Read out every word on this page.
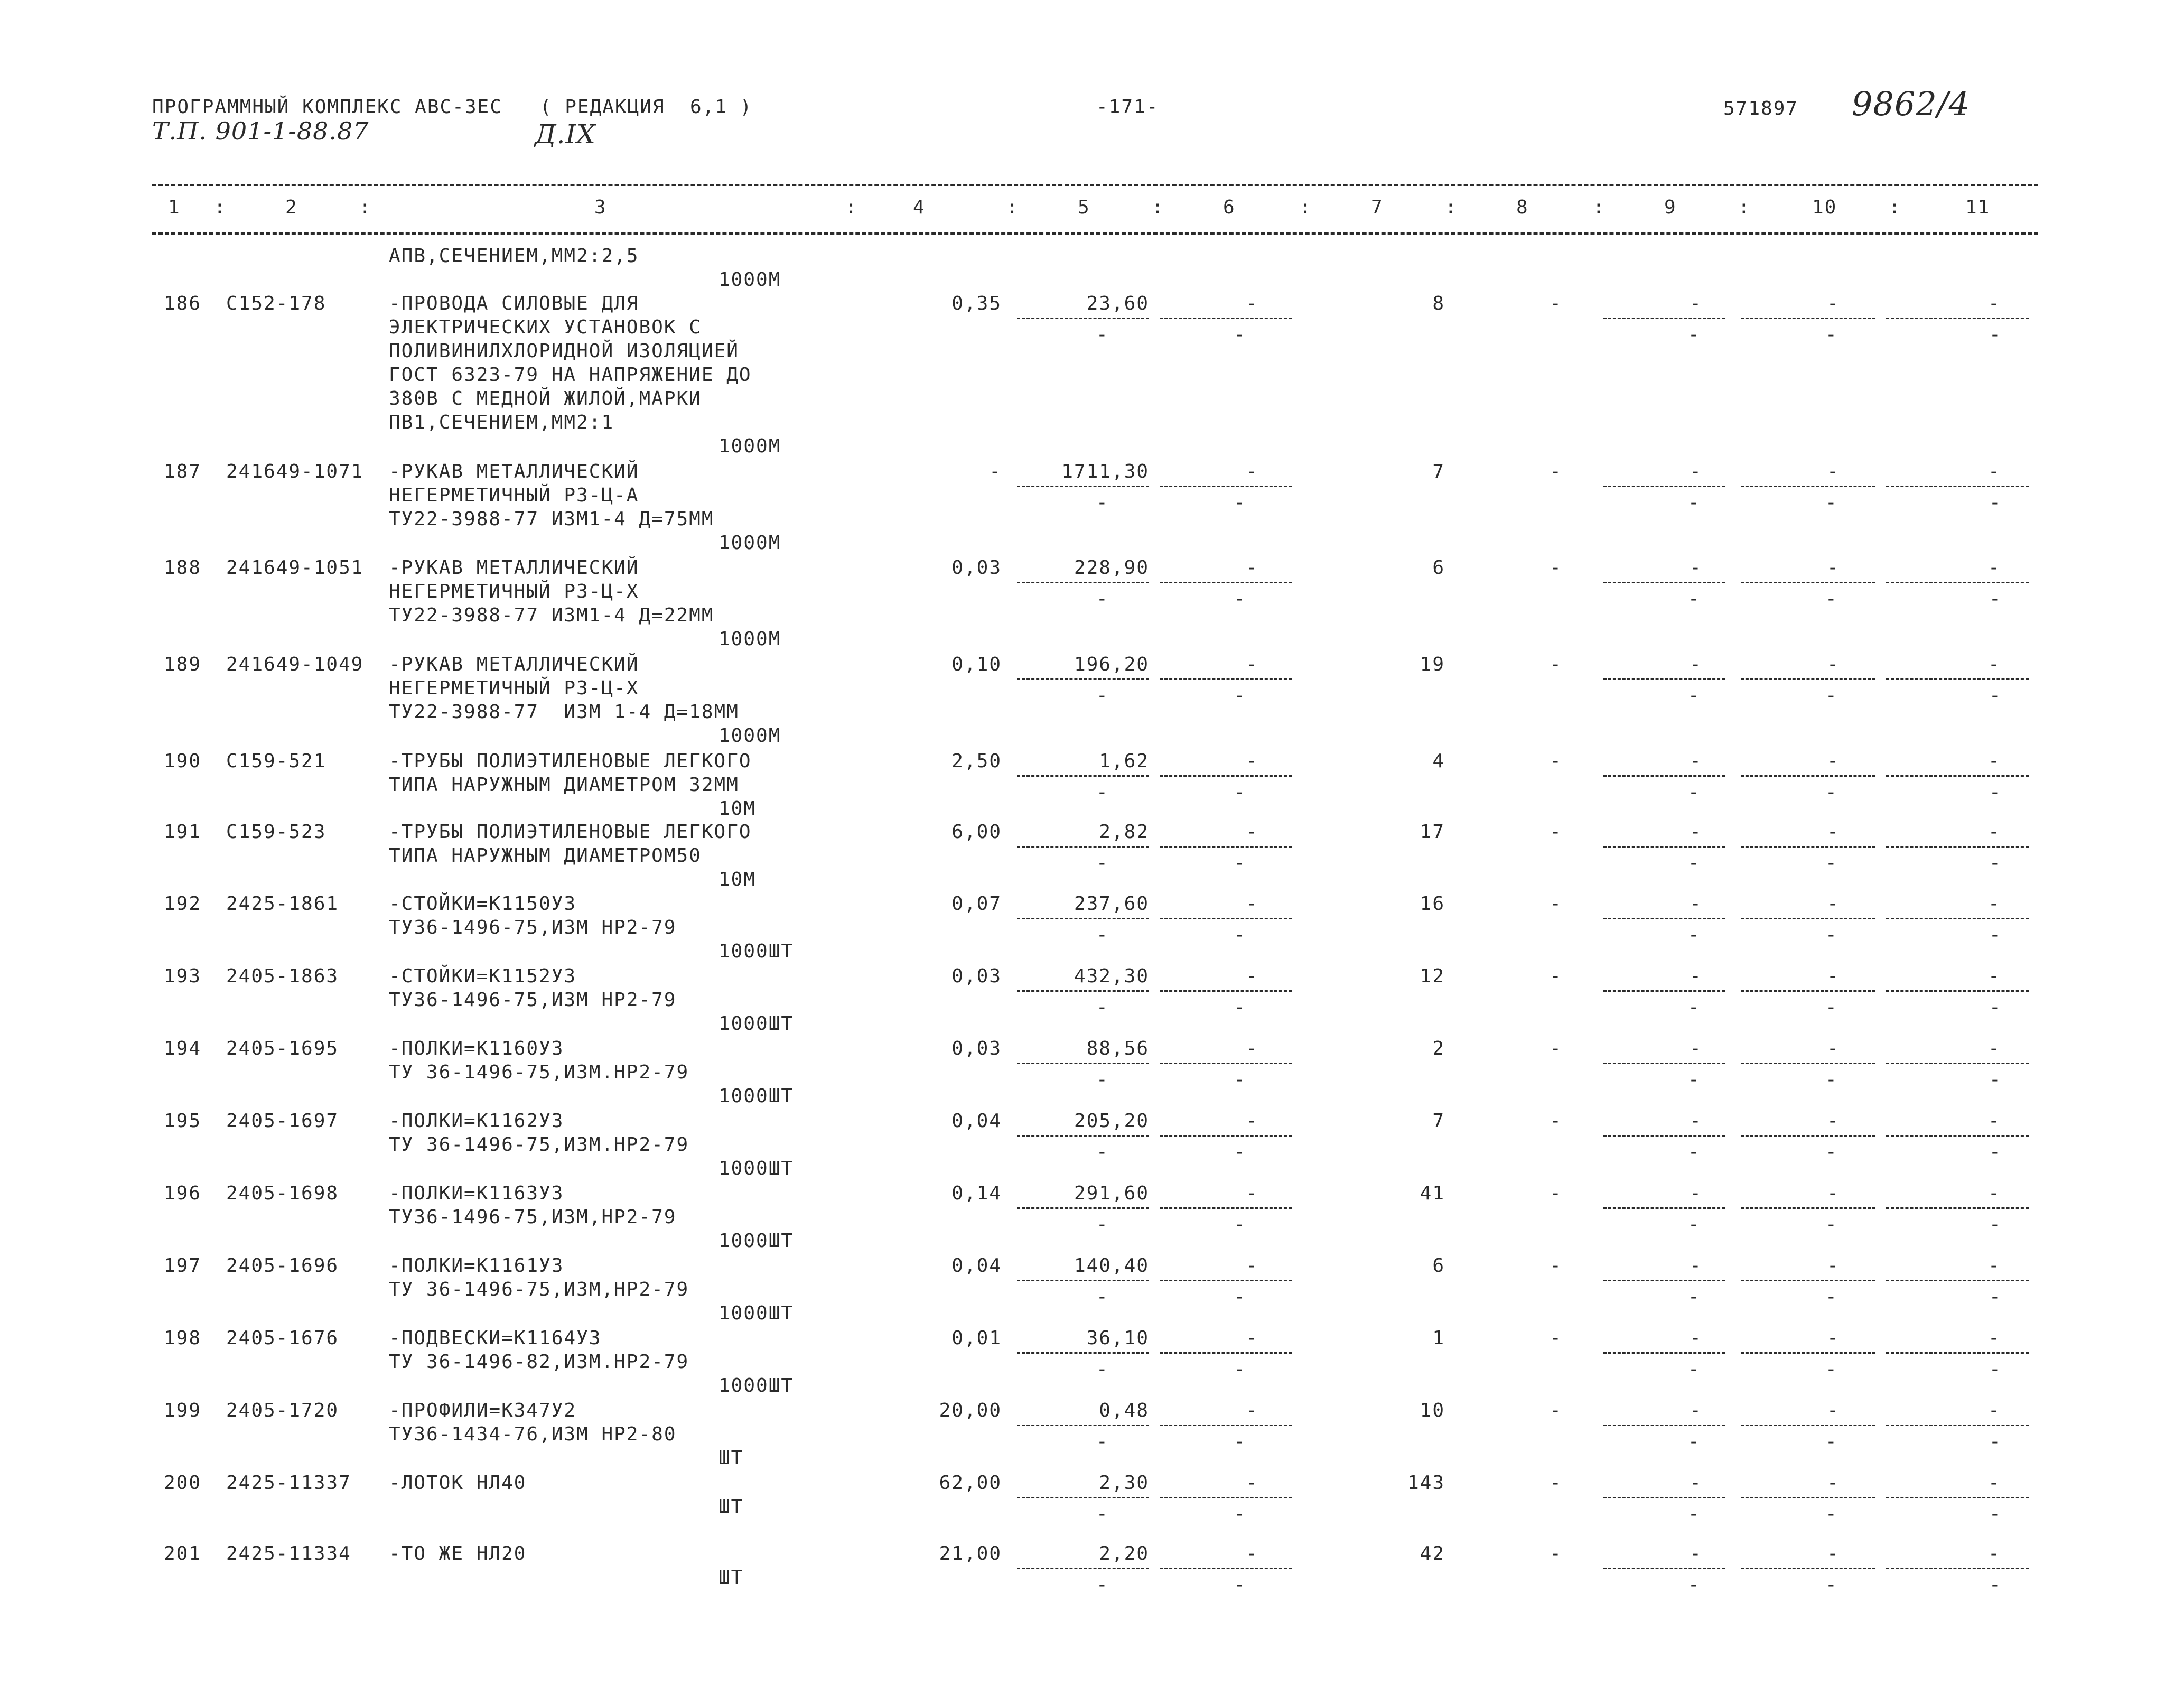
ПРОГРАММНЫЙ КОМПЛЕКС АВС-3ЕС   ( РЕДАКЦИЯ  6,1 )	-171-	571897 9862/4
Т.П. 901-1-88.87	Д.IX
1 :	2	:	3	:	4	:	5	:	6	:	7	:	8	:	9	:	10	:	11
АПВ,СЕЧЕНИЕМ,ММ2:2,5
1000М
186 С152-178	-ПРОВОДА СИЛОВЫЕ ДЛЯ
ЭЛЕКТРИЧЕСКИХ УСТАНОВОК С
ПОЛИВИНИЛХЛОРИДНОЙ ИЗОЛЯЦИЕЙ
ГОСТ 6323-79 НА НАПРЯЖЕНИЕ ДО
380В С МЕДНОЙ ЖИЛОЙ,МАРКИ
ПВ1,СЕЧЕНИЕМ,ММ2:1
1000М
0,35	23,60	-	8	-	-	-	-
-	-	-	-	-
187 241649-1071 -РУКАВ МЕТАЛЛИЧЕСКИЙ
НЕГЕРМЕТИЧНЫЙ Р3-Ц-А
ТУ22-3988-77 ИЗМ1-4 Д=75ММ
1000М
-	1711,30	-	7	-	-	-	-
-	-	-	-	-
188 241649-1051 -РУКАВ МЕТАЛЛИЧЕСКИЙ
НЕГЕРМЕТИЧНЫЙ Р3-Ц-Х
ТУ22-3988-77 ИЗМ1-4 Д=22ММ
1000М
0,03	228,90	-	6	-	-	-	-
-	-	-	-	-
189 241649-1049 -РУКАВ МЕТАЛЛИЧЕСКИЙ
НЕГЕРМЕТИЧНЫЙ Р3-Ц-Х
ТУ22-3988-77  ИЗМ 1-4 Д=18ММ
1000М
0,10	196,20	-	19	-	-	-	-
-	-	-	-	-
190 С159-521	-ТРУБЫ ПОЛИЭТИЛЕНОВЫЕ ЛЕГКОГО
ТИПА НАРУЖНЫМ ДИАМЕТРОМ 32ММ
10М
2,50	1,62	-	4	-	-	-	-
-	-	-	-	-
191 С159-523	-ТРУБЫ ПОЛИЭТИЛЕНОВЫЕ ЛЕГКОГО
ТИПА НАРУЖНЫМ ДИАМЕТРОМ50
10М
6,00	2,82	-	17	-	-	-	-
-	-	-	-	-
192 2425-1861	-СТОЙКИ=К1150У3
ТУ36-1496-75,ИЗМ НР2-79
1000ШТ
0,07	237,60	-	16	-	-	-	-
-	-	-	-	-
193 2405-1863	-СТОЙКИ=К1152У3
ТУ36-1496-75,ИЗМ НР2-79
1000ШТ
0,03	432,30	-	12	-	-	-	-
-	-	-	-	-
194 2405-1695	-ПОЛКИ=К1160У3
ТУ 36-1496-75,ИЗМ.НР2-79
1000ШТ
0,03	88,56	-	2	-	-	-	-
-	-	-	-	-
195 2405-1697	-ПОЛКИ=К1162У3
ТУ 36-1496-75,ИЗМ.НР2-79
1000ШТ
0,04	205,20	-	7	-	-	-	-
-	-	-	-	-
196 2405-1698	-ПОЛКИ=К1163У3
ТУ36-1496-75,ИЗМ,НР2-79
1000ШТ
0,14	291,60	-	41	-	-	-	-
-	-	-	-	-
197 2405-1696	-ПОЛКИ=К1161У3
ТУ 36-1496-75,ИЗМ,НР2-79
1000ШТ
0,04	140,40	-	6	-	-	-	-
-	-	-	-	-
198 2405-1676	-ПОДВЕСКИ=К1164У3
ТУ 36-1496-82,ИЗМ.НР2-79
1000ШТ
0,01	36,10	-	1	-	-	-	-
-	-	-	-	-
199 2405-1720	-ПРОФИЛИ=К347У2
ТУ36-1434-76,ИЗМ НР2-80
ШТ
20,00	0,48	-	10	-	-	-	-
-	-	-	-	-
200 2425-11337 -ЛОТОК НЛ40
ШТ
62,00	2,30	-	143	-	-	-	-
-	-	-	-	-
201 2425-11334 -ТО ЖЕ НЛ20
ШТ
21,00	2,20	-	42	-	-	-	-
-	-	-	-	-
